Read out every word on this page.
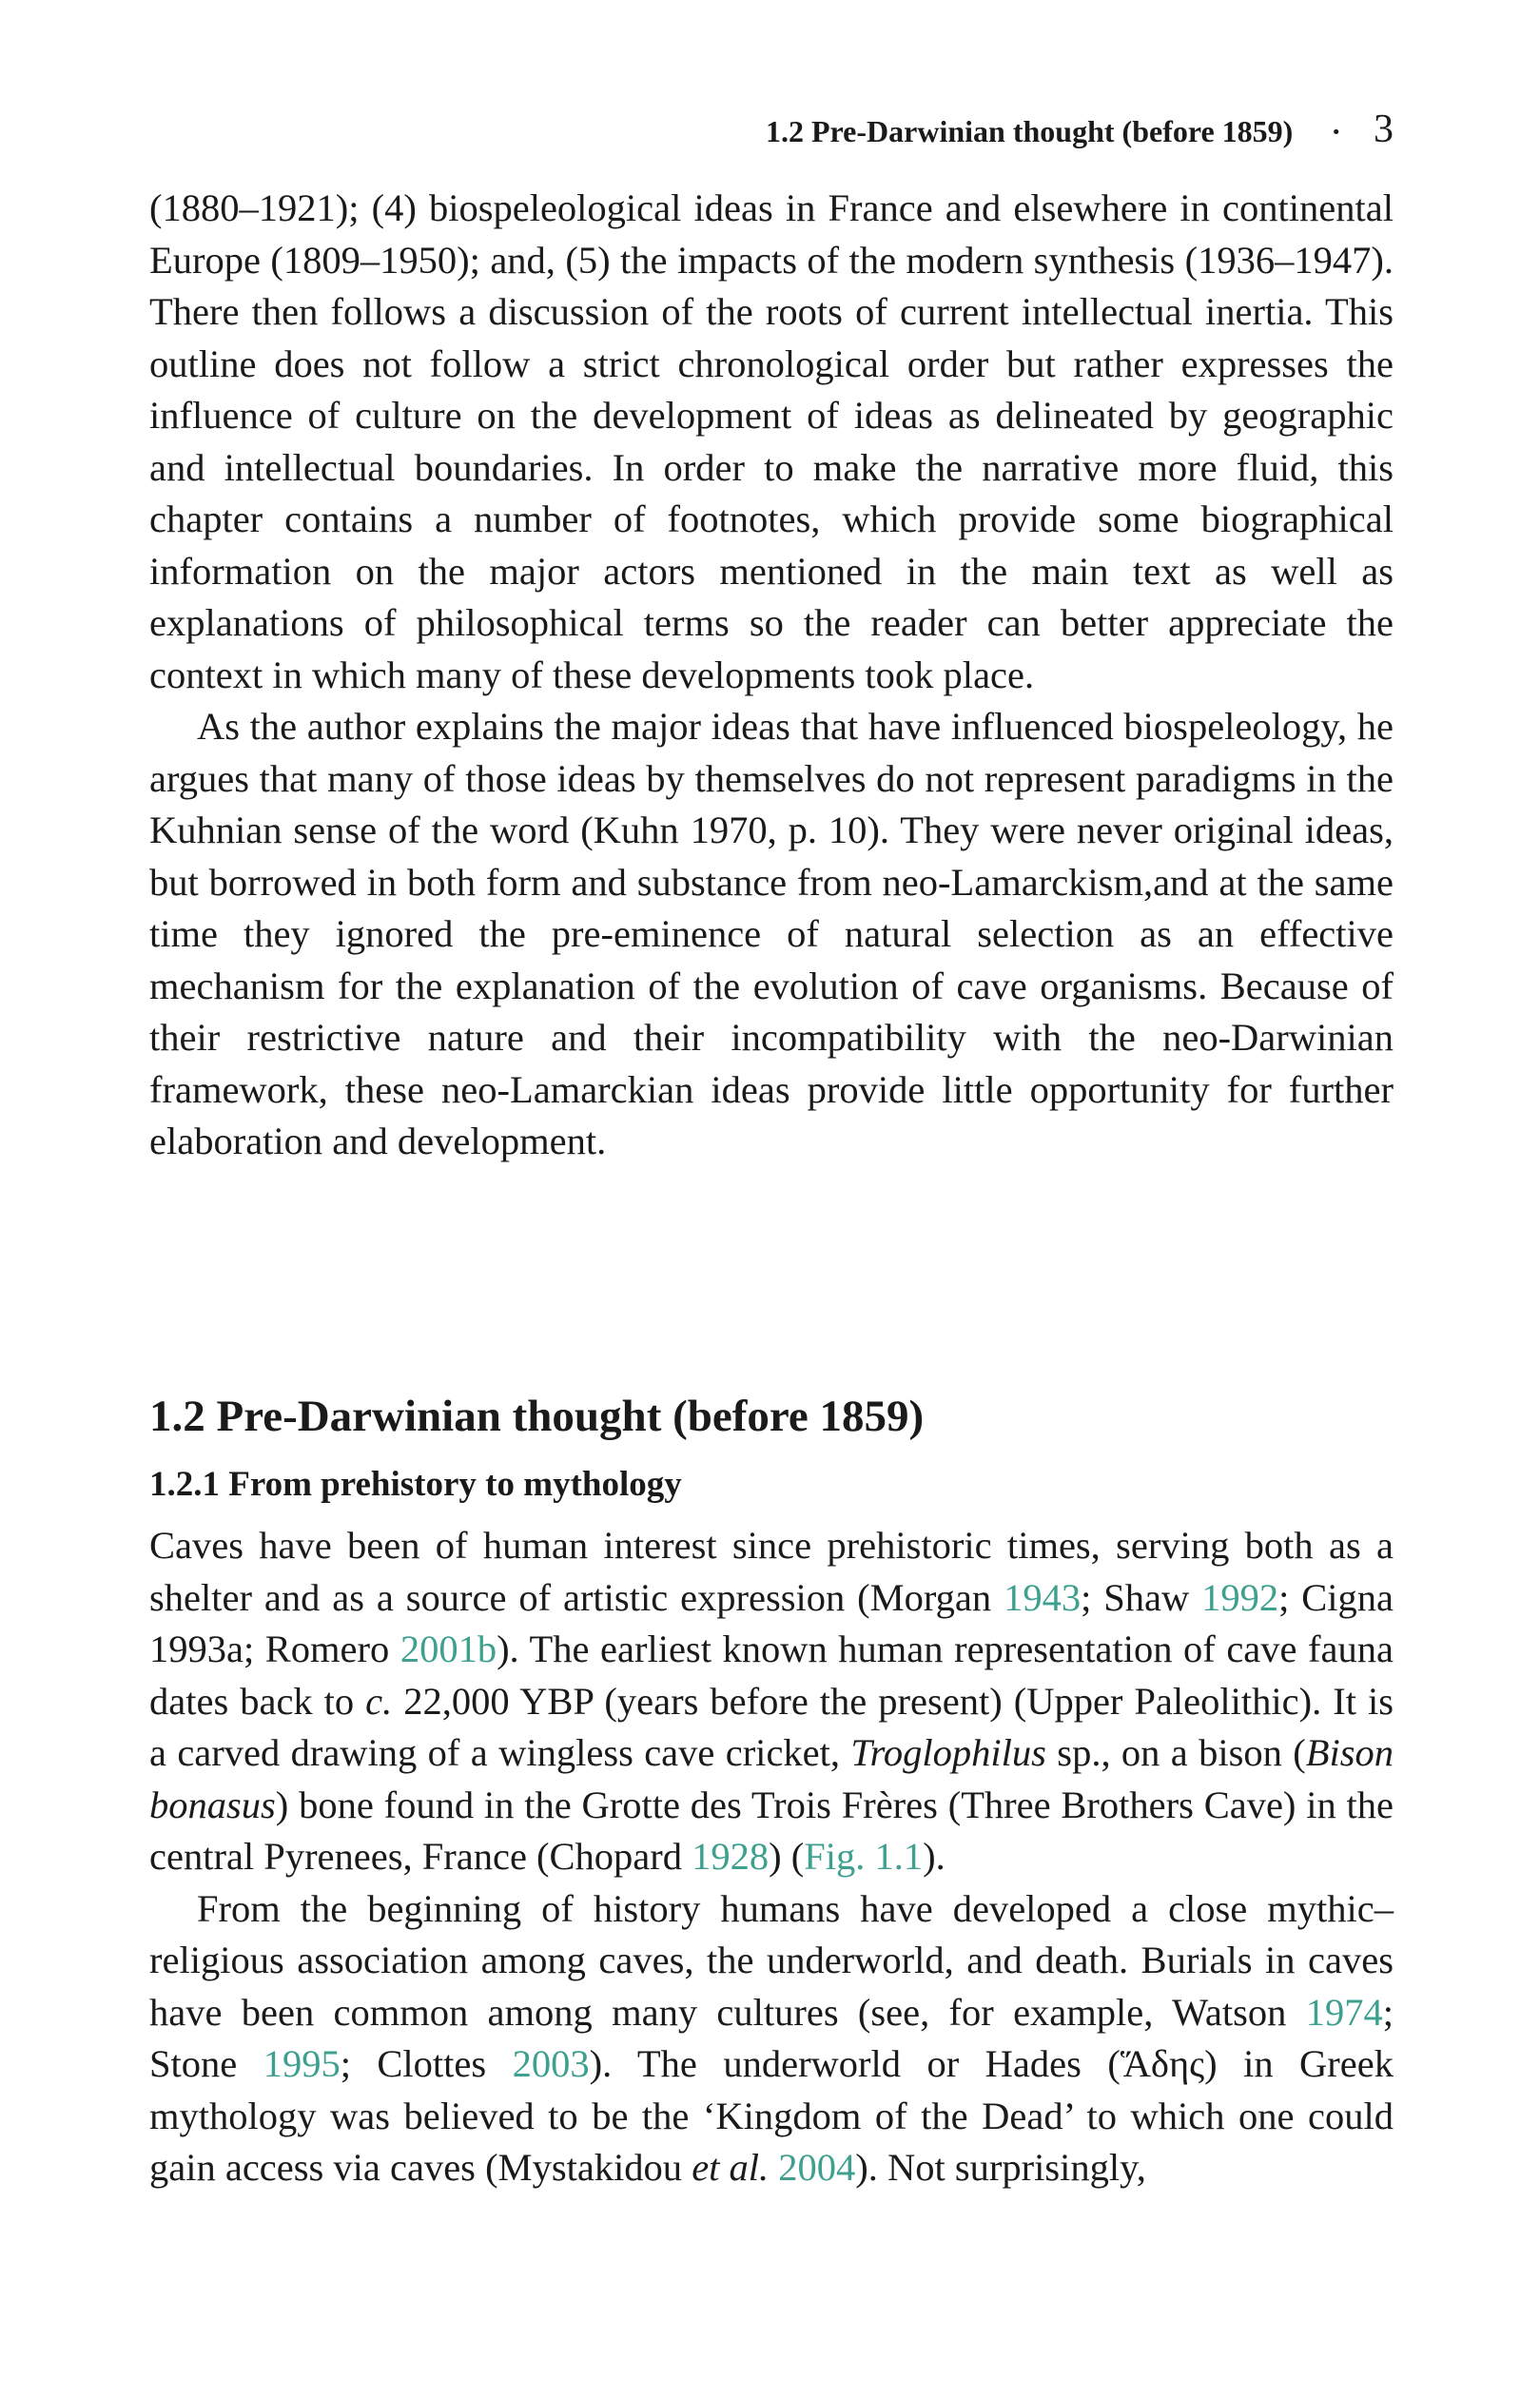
1.2 Pre-Darwinian thought (before 1859) · 3

(1880–1921); (4) biospeleological ideas in France and elsewhere in continental Europe (1809–1950); and, (5) the impacts of the modern synthesis (1936–1947). There then follows a discussion of the roots of current intellectual inertia. This outline does not follow a strict chronological order but rather expresses the influence of culture on the development of ideas as delineated by geographic and intellectual boundaries. In order to make the narrative more fluid, this chapter contains a number of footnotes, which provide some biographical information on the major actors mentioned in the main text as well as explanations of philosophical terms so the reader can better appreciate the context in which many of these developments took place.

As the author explains the major ideas that have influenced biospeleology, he argues that many of those ideas by themselves do not represent paradigms in the Kuhnian sense of the word (Kuhn 1970, p. 10). They were never original ideas, but borrowed in both form and substance from neo-Lamarckism,and at the same time they ignored the pre-eminence of natural selection as an effective mechanism for the explanation of the evolution of cave organisms. Because of their restrictive nature and their incompatibility with the neo-Darwinian framework, these neo-Lamarckian ideas provide little opportunity for further elaboration and development.

1.2 Pre-Darwinian thought (before 1859)
1.2.1 From prehistory to mythology

Caves have been of human interest since prehistoric times, serving both as a shelter and as a source of artistic expression (Morgan 1943; Shaw 1992; Cigna 1993a; Romero 2001b). The earliest known human representation of cave fauna dates back to c. 22,000 YBP (years before the present) (Upper Paleolithic). It is a carved drawing of a wingless cave cricket, Troglophilus sp., on a bison (Bison bonasus) bone found in the Grotte des Trois Frères (Three Brothers Cave) in the central Pyrenees, France (Chopard 1928) (Fig. 1.1).

From the beginning of history humans have developed a close mythic–religious association among caves, the underworld, and death. Burials in caves have been common among many cultures (see, for example, Watson 1974; Stone 1995; Clottes 2003). The underworld or Hades (Ἅδης) in Greek mythology was believed to be the ‘Kingdom of the Dead’ to which one could gain access via caves (Mystakidou et al. 2004). Not surprisingly,
